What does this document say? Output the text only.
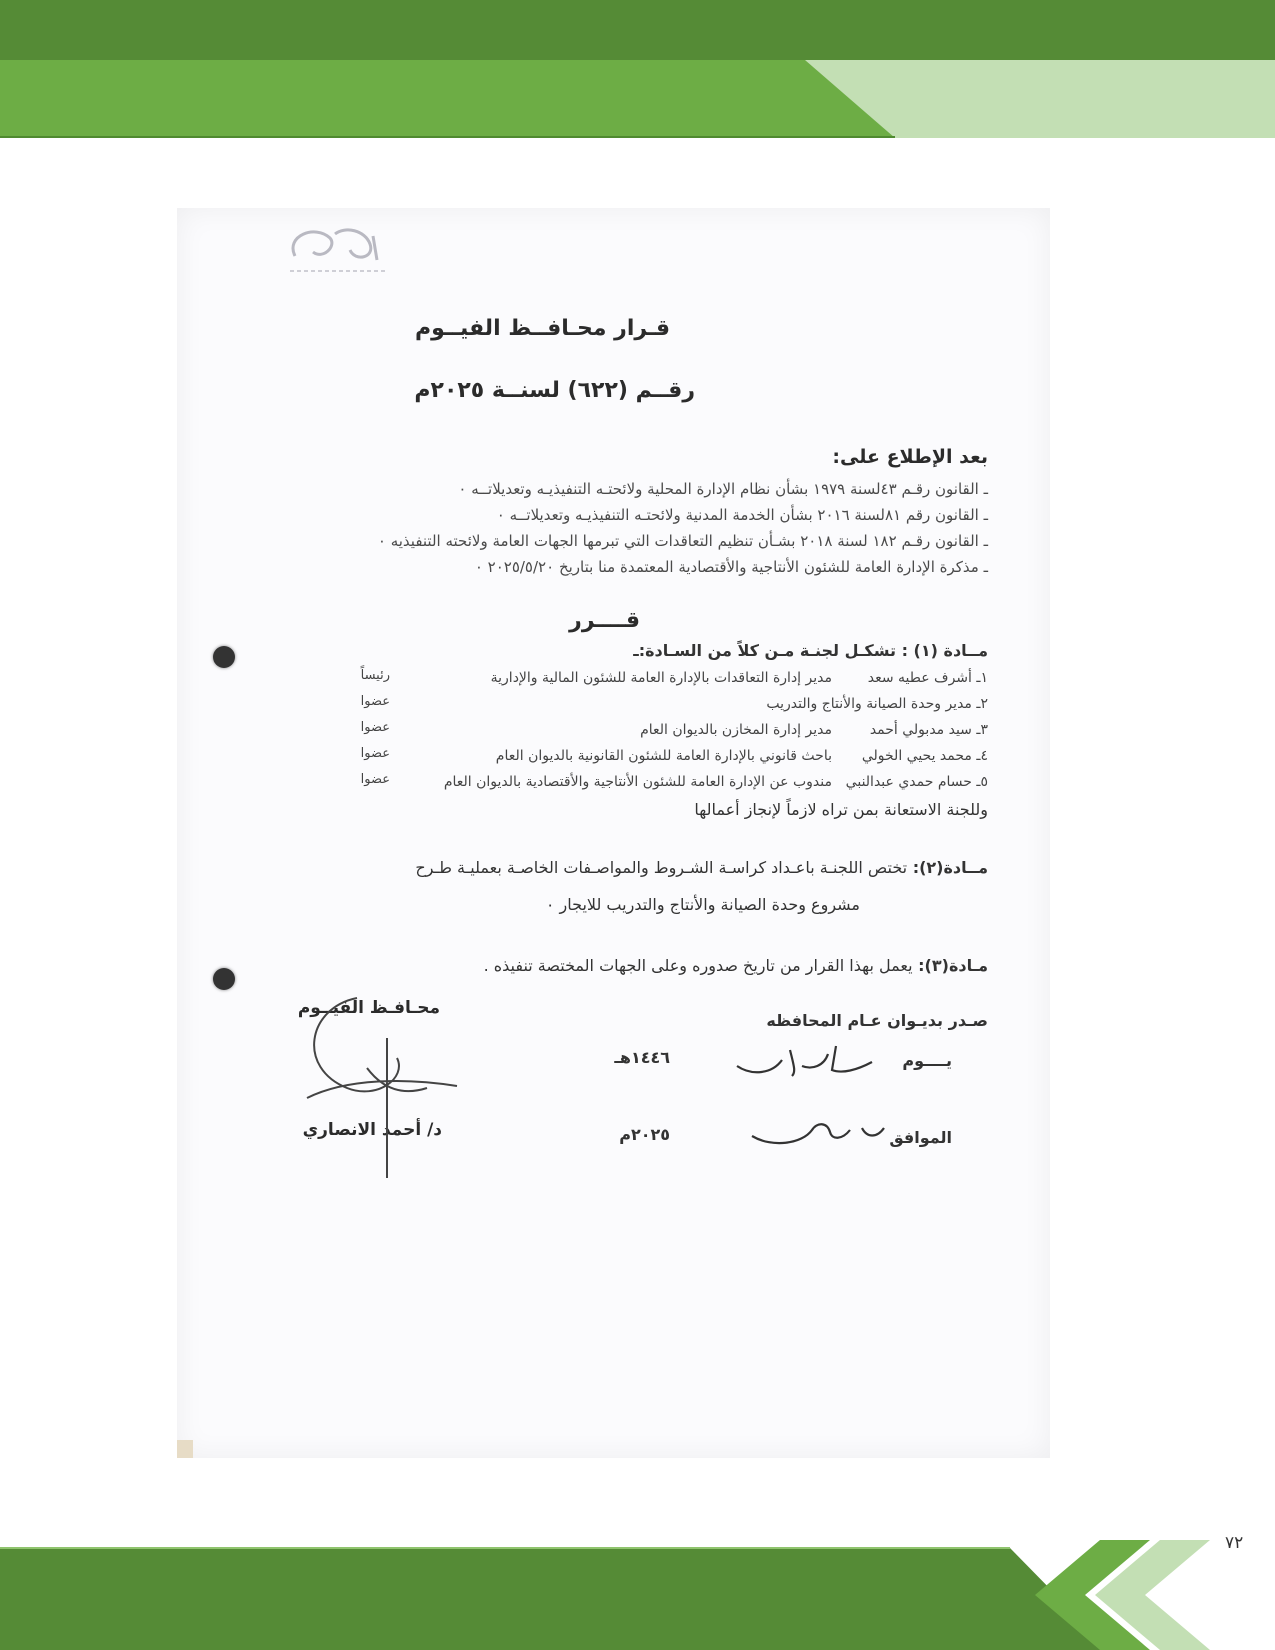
قـرار محـافــظ الفيــوم
رقــم (٦٢٢) لسنــة ٢٠٢٥م
بعد الإطلاع على:
ـ القانون رقـم ٤٣لسنة ١٩٧٩ بشأن نظام الإدارة المحلية ولائحتـه التنفيذيـه وتعديلاتــه ٠
ـ القانون رقم ٨١لسنة ٢٠١٦ بشأن الخدمة المدنية ولائحتـه التنفيذيـه وتعديلاتــه ٠
ـ القانون رقـم ١٨٢ لسنة ٢٠١٨ بشـأن تنظيم التعاقدات التي تبرمها الجهات العامة ولائحته التنفيذيه ٠
ـ مذكرة الإدارة العامة للشئون الأنتاجية والأقتصادية المعتمدة منا بتاريخ ٢٠٢٥/٥/٢٠ ٠
قــــرر
مــادة (١) : تشكـل لجنـة مـن كلاً من السـادة:ـ
١ـ أشرف عطيه سعد
مدير إدارة التعاقدات بالإدارة العامة للشئون المالية والإدارية
رئيساً
٢ـ مدير وحدة الصيانة والأنتاج والتدريب
عضوا
٣ـ سيد مدبولي أحمد
مدير إدارة المخازن بالديوان العام
عضوا
٤ـ محمد يحيي الخولي
باحث قانوني بالإدارة العامة للشئون القانونية بالديوان العام
عضوا
٥ـ حسام حمدي عبدالنبي
مندوب عن الإدارة العامة للشئون الأنتاجية والأقتصادية بالديوان العام
عضوا
وللجنة الاستعانة بمن تراه لازماً لإنجاز أعمالها
مــادة(٢): تختص اللجنـة باعـداد كراسـة الشـروط والمواصـفات الخاصـة بعمليـة طـرح
مشروع وحدة الصيانة والأنتاج والتدريب للايجار ٠
مـادة(٣): يعمل بهذا القرار من تاريخ صدوره وعلى الجهات المختصة تنفيذه .
صـدر بديـوان عـام المحافظه
يــــوم
١٤٤٦هـ
الموافق
٢٠٢٥م
محـافـظ الفيــوم
د/ أحمد الانصاري
٧٢
